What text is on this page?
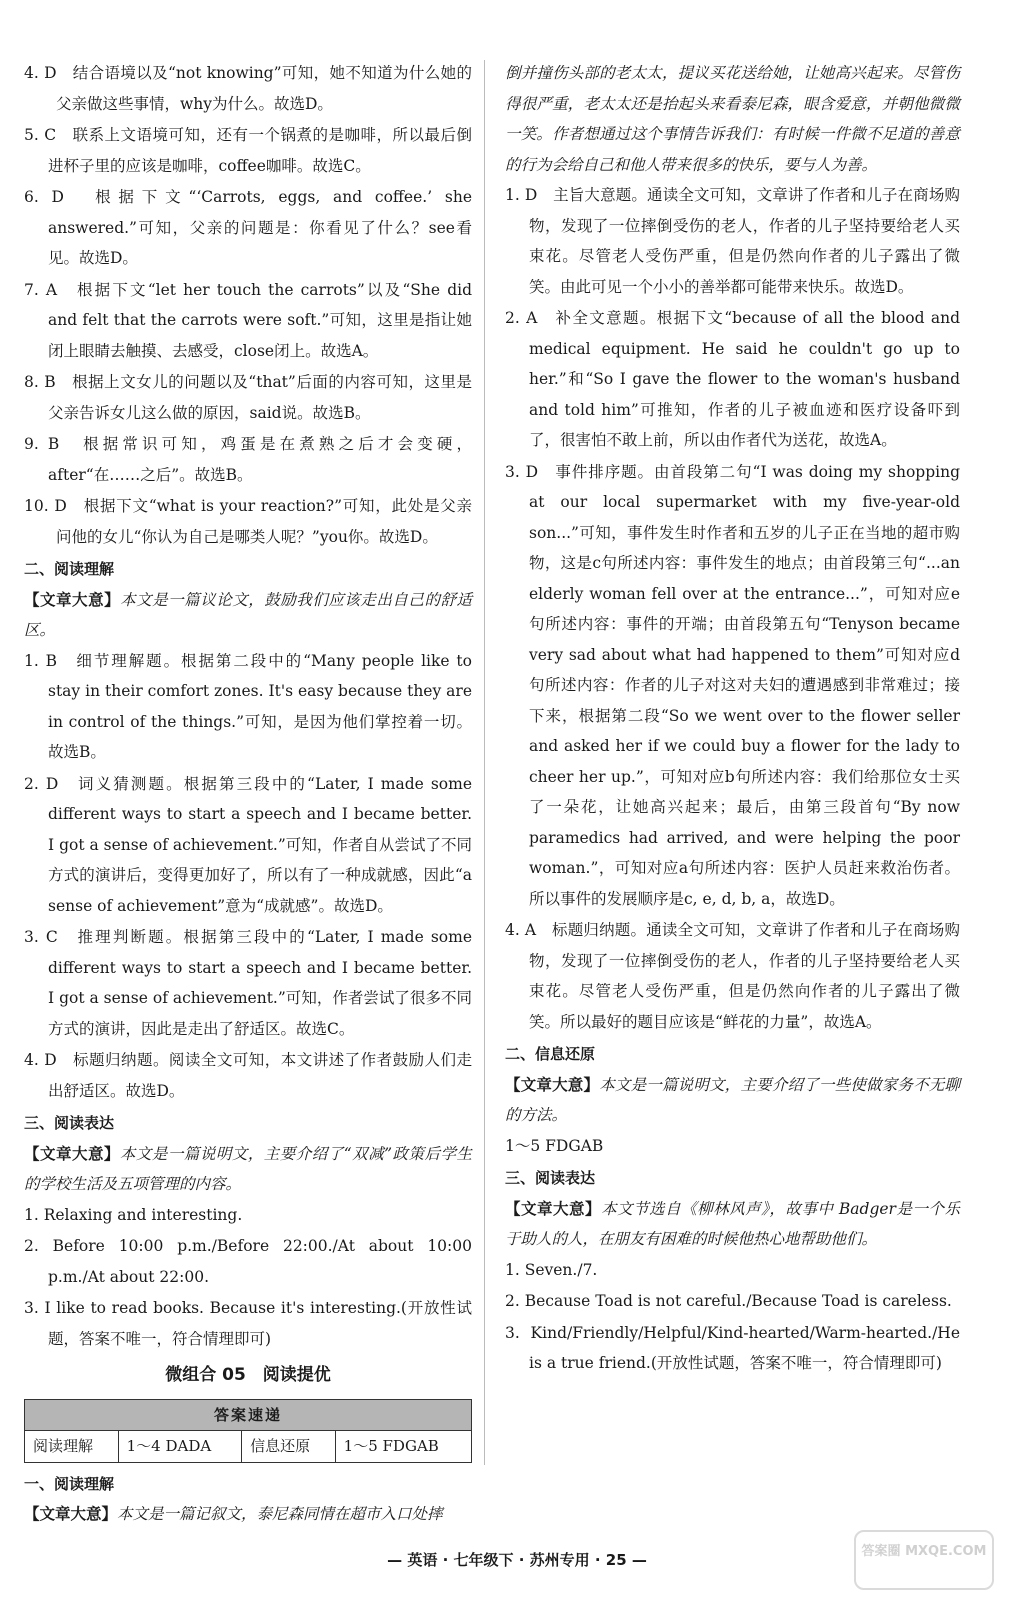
4. D　结合语境以及“not knowing”可知，她不知道为什么她的父亲做这些事情，why为什么。故选D。

5. C　联系上文语境可知，还有一个锅煮的是咖啡，所以最后倒进杯子里的应该是咖啡，coffee咖啡。故选C。

6. D　根据下文“‘Carrots, eggs, and coffee.’ she answered.”可知，父亲的问题是：你看见了什么？see看见。故选D。

7. A　根据下文“let her touch the carrots”以及“She did and felt that the carrots were soft.”可知，这里是指让她闭上眼睛去触摸、去感受，close闭上。故选A。

8. B　根据上文女儿的问题以及“that”后面的内容可知，这里是父亲告诉女儿这么做的原因，said说。故选B。

9. B　根据常识可知，鸡蛋是在煮熟之后才会变硬，after“在……之后”。故选B。

10. D　根据下文“what is your reaction?”可知，此处是父亲问他的女儿“你认为自己是哪类人呢？”you你。故选D。

二、阅读理解

【文章大意】本文是一篇议论文，鼓励我们应该走出自己的舒适区。

1. B　细节理解题。根据第二段中的“Many people like to stay in their comfort zones. It's easy because they are in control of the things.”可知，是因为他们掌控着一切。故选B。

2. D　词义猜测题。根据第三段中的“Later, I made some different ways to start a speech and I became better. I got a sense of achievement.”可知，作者自从尝试了不同方式的演讲后，变得更加好了，所以有了一种成就感，因此“a sense of achievement”意为“成就感”。故选D。

3. C　推理判断题。根据第三段中的“Later, I made some different ways to start a speech and I became better. I got a sense of achievement.”可知，作者尝试了很多不同方式的演讲，因此是走出了舒适区。故选C。

4. D　标题归纳题。阅读全文可知，本文讲述了作者鼓励人们走出舒适区。故选D。

三、阅读表达

【文章大意】本文是一篇说明文，主要介绍了“双减”政策后学生的学校生活及五项管理的内容。

1. Relaxing and interesting.

2. Before 10:00 p.m./Before 22:00./At about 10:00 p.m./At about 22:00.

3. I like to read books. Because it's interesting.(开放性试题，答案不唯一，符合情理即可)

微组合 05　阅读提优

答案速递
阅读理解	1～4 DADA	信息还原	1～5 FDGAB

一、阅读理解

【文章大意】本文是一篇记叙文，泰尼森同情在超市入口处摔

倒并撞伤头部的老太太，提议买花送给她，让她高兴起来。尽管伤得很严重，老太太还是抬起头来看泰尼森，眼含爱意，并朝他微微一笑。作者想通过这个事情告诉我们：有时候一件微不足道的善意的行为会给自己和他人带来很多的快乐，要与人为善。

1. D　主旨大意题。通读全文可知，文章讲了作者和儿子在商场购物，发现了一位摔倒受伤的老人，作者的儿子坚持要给老人买束花。尽管老人受伤严重，但是仍然向作者的儿子露出了微笑。由此可见一个小小的善举都可能带来快乐。故选D。

2. A　补全文意题。根据下文“because of all the blood and medical equipment. He said he couldn't go up to her.”和“So I gave the flower to the woman's husband and told him”可推知，作者的儿子被血迹和医疗设备吓到了，很害怕不敢上前，所以由作者代为送花，故选A。

3. D　事件排序题。由首段第二句“I was doing my shopping at our local supermarket with my five-year-old son...”可知，事件发生时作者和五岁的儿子正在当地的超市购物，这是c句所述内容：事件发生的地点；由首段第三句“...an elderly woman fell over at the entrance...”，可知对应e句所述内容：事件的开端；由首段第五句“Tenyson became very sad about what had happened to them”可知对应d句所述内容：作者的儿子对这对夫妇的遭遇感到非常难过；接下来，根据第二段“So we went over to the flower seller and asked her if we could buy a flower for the lady to cheer her up.”，可知对应b句所述内容：我们给那位女士买了一朵花，让她高兴起来；最后，由第三段首句“By now paramedics had arrived, and were helping the poor woman.”，可知对应a句所述内容：医护人员赶来救治伤者。所以事件的发展顺序是c, e, d, b, a，故选D。

4. A　标题归纳题。通读全文可知，文章讲了作者和儿子在商场购物，发现了一位摔倒受伤的老人，作者的儿子坚持要给老人买束花。尽管老人受伤严重，但是仍然向作者的儿子露出了微笑。所以最好的题目应该是“鲜花的力量”，故选A。

二、信息还原

【文章大意】本文是一篇说明文，主要介绍了一些使做家务不无聊的方法。

1～5 FDGAB

三、阅读表达

【文章大意】本文节选自《柳林风声》，故事中 Badger是一个乐于助人的人，在朋友有困难的时候他热心地帮助他们。

1. Seven./7.

2. Because Toad is not careful./Because Toad is careless.

3. Kind/Friendly/Helpful/Kind-hearted/Warm-hearted./He is a true friend.(开放性试题，答案不唯一，符合情理即可)

— 英语 · 七年级下 · 苏州专用 · 25 —	答案圈 MXQE.COM
